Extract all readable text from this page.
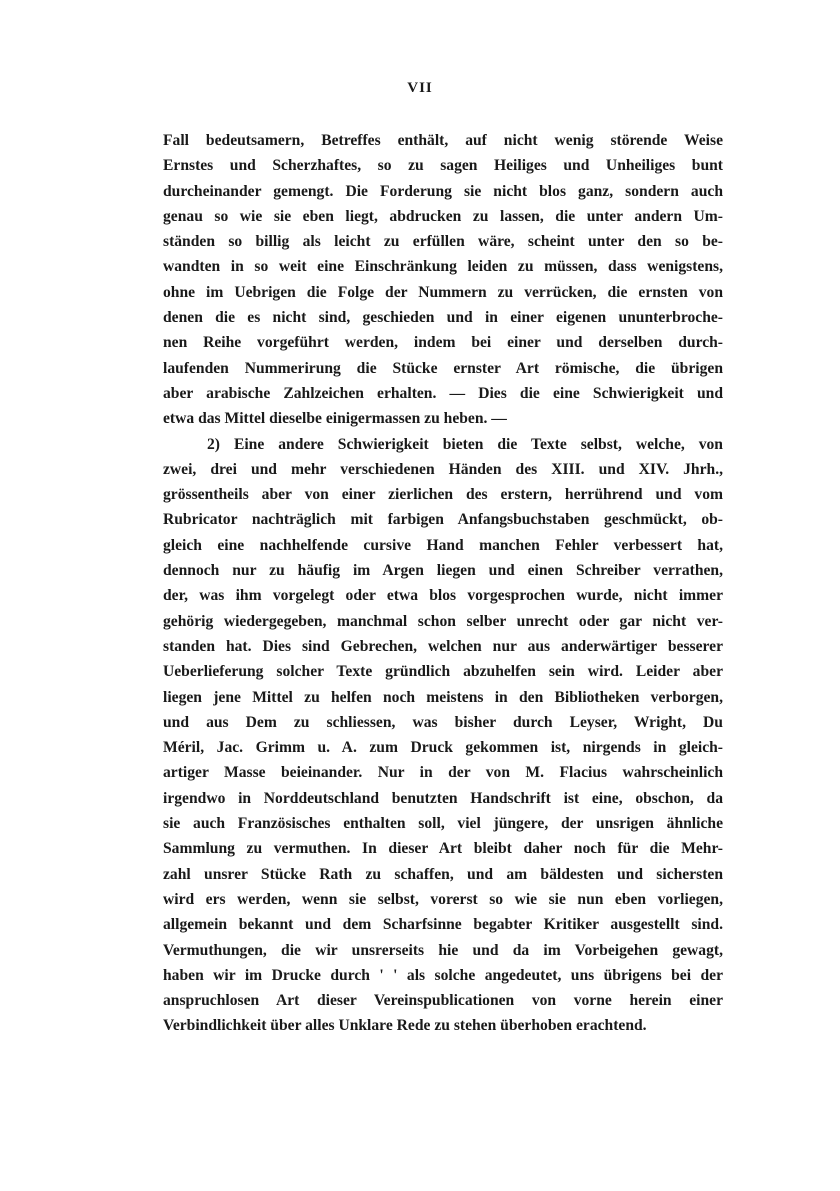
VII
Fall bedeutsamern, Betreffes enthält, auf nicht wenig störende Weise
Ernstes und Scherzhaftes, so zu sagen Heiliges und Unheiliges bunt
durcheinander gemengt. Die Forderung sie nicht blos ganz, sondern auch
genau so wie sie eben liegt, abdrucken zu lassen, die unter andern Um-
ständen so billig als leicht zu erfüllen wäre, scheint unter den so be-
wandten in so weit eine Einschränkung leiden zu müssen, dass wenigstens,
ohne im Uebrigen die Folge der Nummern zu verrücken, die ernsten von
denen die es nicht sind, geschieden und in einer eigenen ununterbroche-
nen Reihe vorgeführt werden, indem bei einer und derselben durch-
laufenden Nummerirung die Stücke ernster Art römische, die übrigen
aber arabische Zahlzeichen erhalten. — Dies die eine Schwierigkeit und
etwa das Mittel dieselbe einigermassen zu heben. —
2) Eine andere Schwierigkeit bieten die Texte selbst, welche, von
zwei, drei und mehr verschiedenen Händen des XIII. und XIV. Jhrh.,
grössentheils aber von einer zierlichen des erstern, herrührend und vom
Rubricator nachträglich mit farbigen Anfangsbuchstaben geschmückt, ob-
gleich eine nachhelfende cursive Hand manchen Fehler verbessert hat,
dennoch nur zu häufig im Argen liegen und einen Schreiber verrathen,
der, was ihm vorgelegt oder etwa blos vorgesprochen wurde, nicht immer
gehörig wiedergegeben, manchmal schon selber unrecht oder gar nicht ver-
standen hat. Dies sind Gebrechen, welchen nur aus anderwärtiger besserer
Ueberlieferung solcher Texte gründlich abzuhelfen sein wird. Leider aber
liegen jene Mittel zu helfen noch meistens in den Bibliotheken verborgen,
und aus Dem zu schliessen, was bisher durch Leyser, Wright, Du
Méril, Jac. Grimm u. A. zum Druck gekommen ist, nirgends in gleich-
artiger Masse beieinander. Nur in der von M. Flacius wahrscheinlich
irgendwo in Norddeutschland benutzten Handschrift ist eine, obschon, da
sie auch Französisches enthalten soll, viel jüngere, der unsrigen ähnliche
Sammlung zu vermuthen. In dieser Art bleibt daher noch für die Mehr-
zahl unsrer Stücke Rath zu schaffen, und am bäldesten und sichersten
wird ers werden, wenn sie selbst, vorerst so wie sie nun eben vorliegen,
allgemein bekannt und dem Scharfsinne begabter Kritiker ausgestellt sind.
Vermuthungen, die wir unsrerseits hie und da im Vorbeigehen gewagt,
haben wir im Drucke durch ' ' als solche angedeutet, uns übrigens bei der
anspruchlosen Art dieser Vereinspublicationen von vorne herein einer
Verbindlichkeit über alles Unklare Rede zu stehen überhoben erachtend.
